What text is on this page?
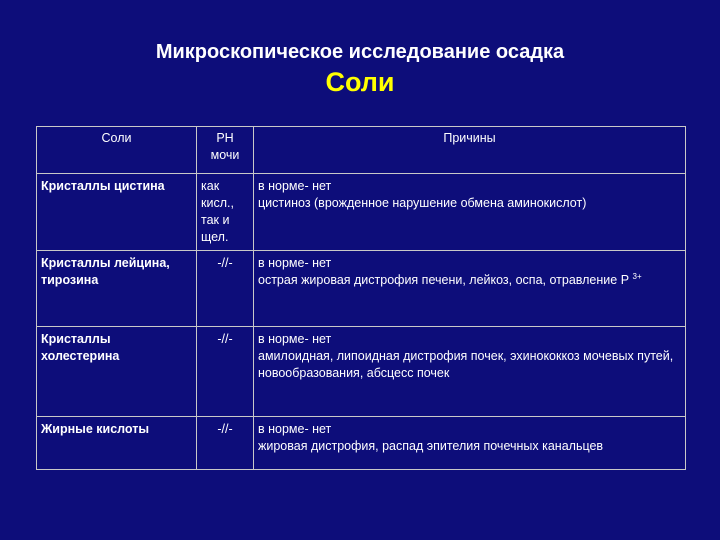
Микроскопическое исследование осадка
Соли
Соли	PH мочи	Причины
Кристаллы цистина	как кисл., так и щел.	в норме- нет
цистиноз (врожденное нарушение обмена аминокислот)

Кристаллы лейцина, тирозина	-//-	в норме- нет
острая жировая дистрофия печени, лейкоз, оспа, отравление Р $^{3+}$

Кристаллы холестерина	-//-	в норме- нет
амилоидная, липоидная дистрофия почек, эхинококкоз мочевых путей, новообразования, абсцесс почек

Жирные кислоты	-//-	в норме- нет
жировая дистрофия, распад эпителия почечных канальцев
